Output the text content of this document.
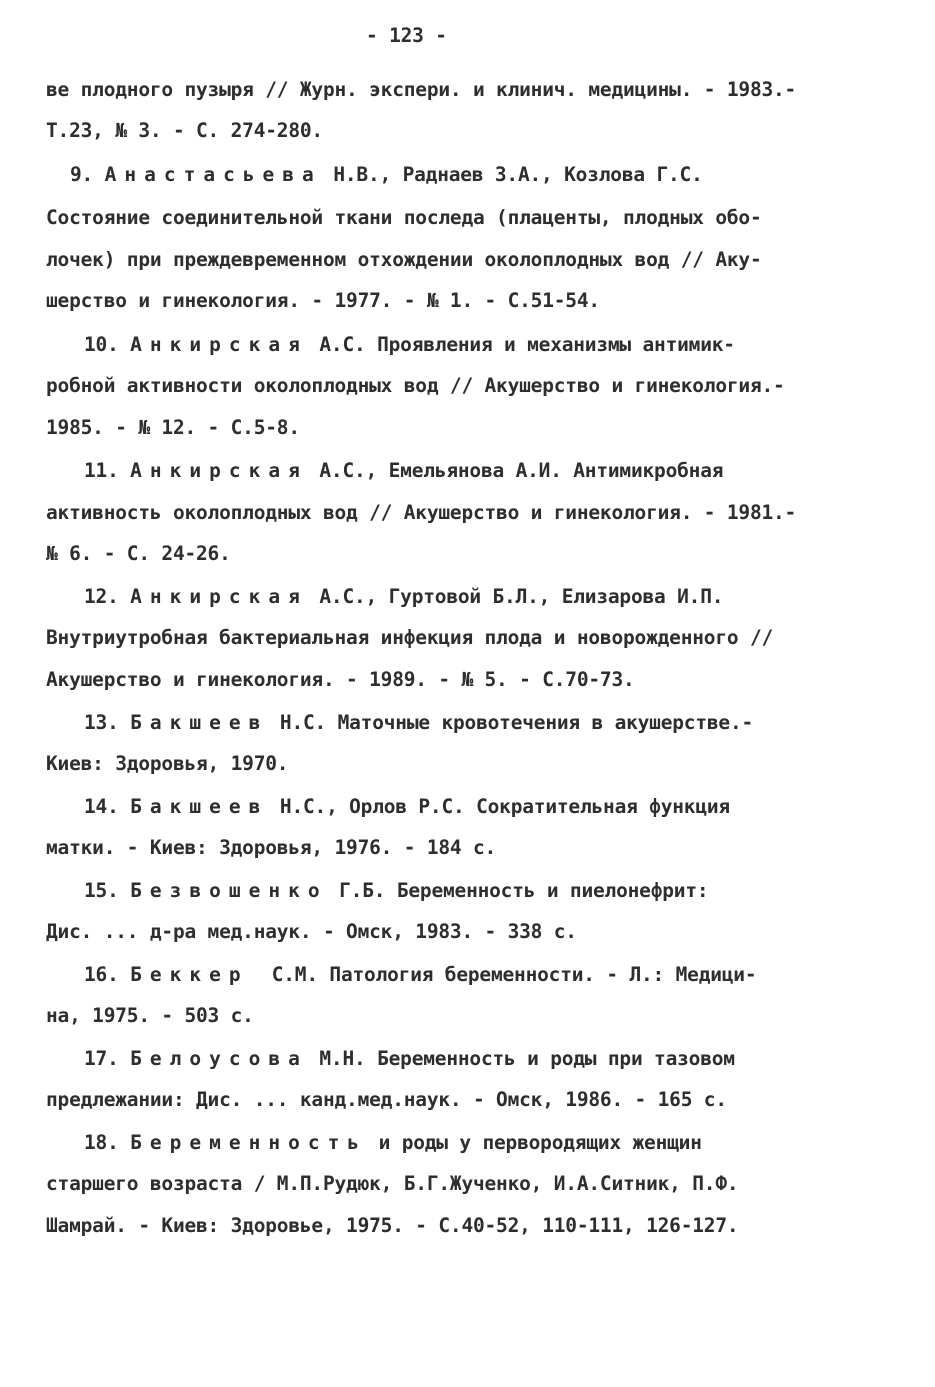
- 123 -
ве плодного пузыря // Журн. экспери. и клинич. медицины. - 1983.-
Т.23, № 3. - С. 274-280.
9. Анастасьева Н.В., Раднаев З.А., Козлова Г.С.
Состояние соединительной ткани последа (плаценты, плодных обо-
лочек) при преждевременном отхождении околоплодных вод // Аку-
шерство и гинекология. - 1977. - № 1. - С.51-54.
10. Анкирская А.С. Проявления и механизмы антимик-
робной активности околоплодных вод // Акушерство и гинекология.-
1985. - № 12. - С.5-8.
11. Анкирская А.С., Емельянова А.И. Антимикробная
активность околоплодных вод // Акушерство и гинекология. - 1981.-
№ 6. - С. 24-26.
12. Анкирская А.С., Гуртовой Б.Л., Елизарова И.П.
Внутриутробная бактериальная инфекция плода и новорожденного //
Акушерство и гинекология. - 1989. - № 5. - С.70-73.
13. Бакшеев Н.С. Маточные кровотечения в акушерстве.-
Киев: Здоровья, 1970.
14. Бакшеев Н.С., Орлов Р.С. Сократительная функция
матки. - Киев: Здоровья, 1976. - 184 с.
15. Безвошенко Г.Б. Беременность и пиелонефрит:
Дис. ... д-ра мед.наук. - Омск, 1983. - 338 с.
16. Беккер  С.М. Патология беременности. - Л.: Медици-
на, 1975. - 503 с.
17. Белоусова М.Н. Беременность и роды при тазовом
предлежании: Дис. ... канд.мед.наук. - Омск, 1986. - 165 с.
18. Беременность и роды у первородящих женщин
старшего возраста / М.П.Рудюк, Б.Г.Жученко, И.А.Ситник, П.Ф.
Шамрай. - Киев: Здоровье, 1975. - С.40-52, 110-111, 126-127.
